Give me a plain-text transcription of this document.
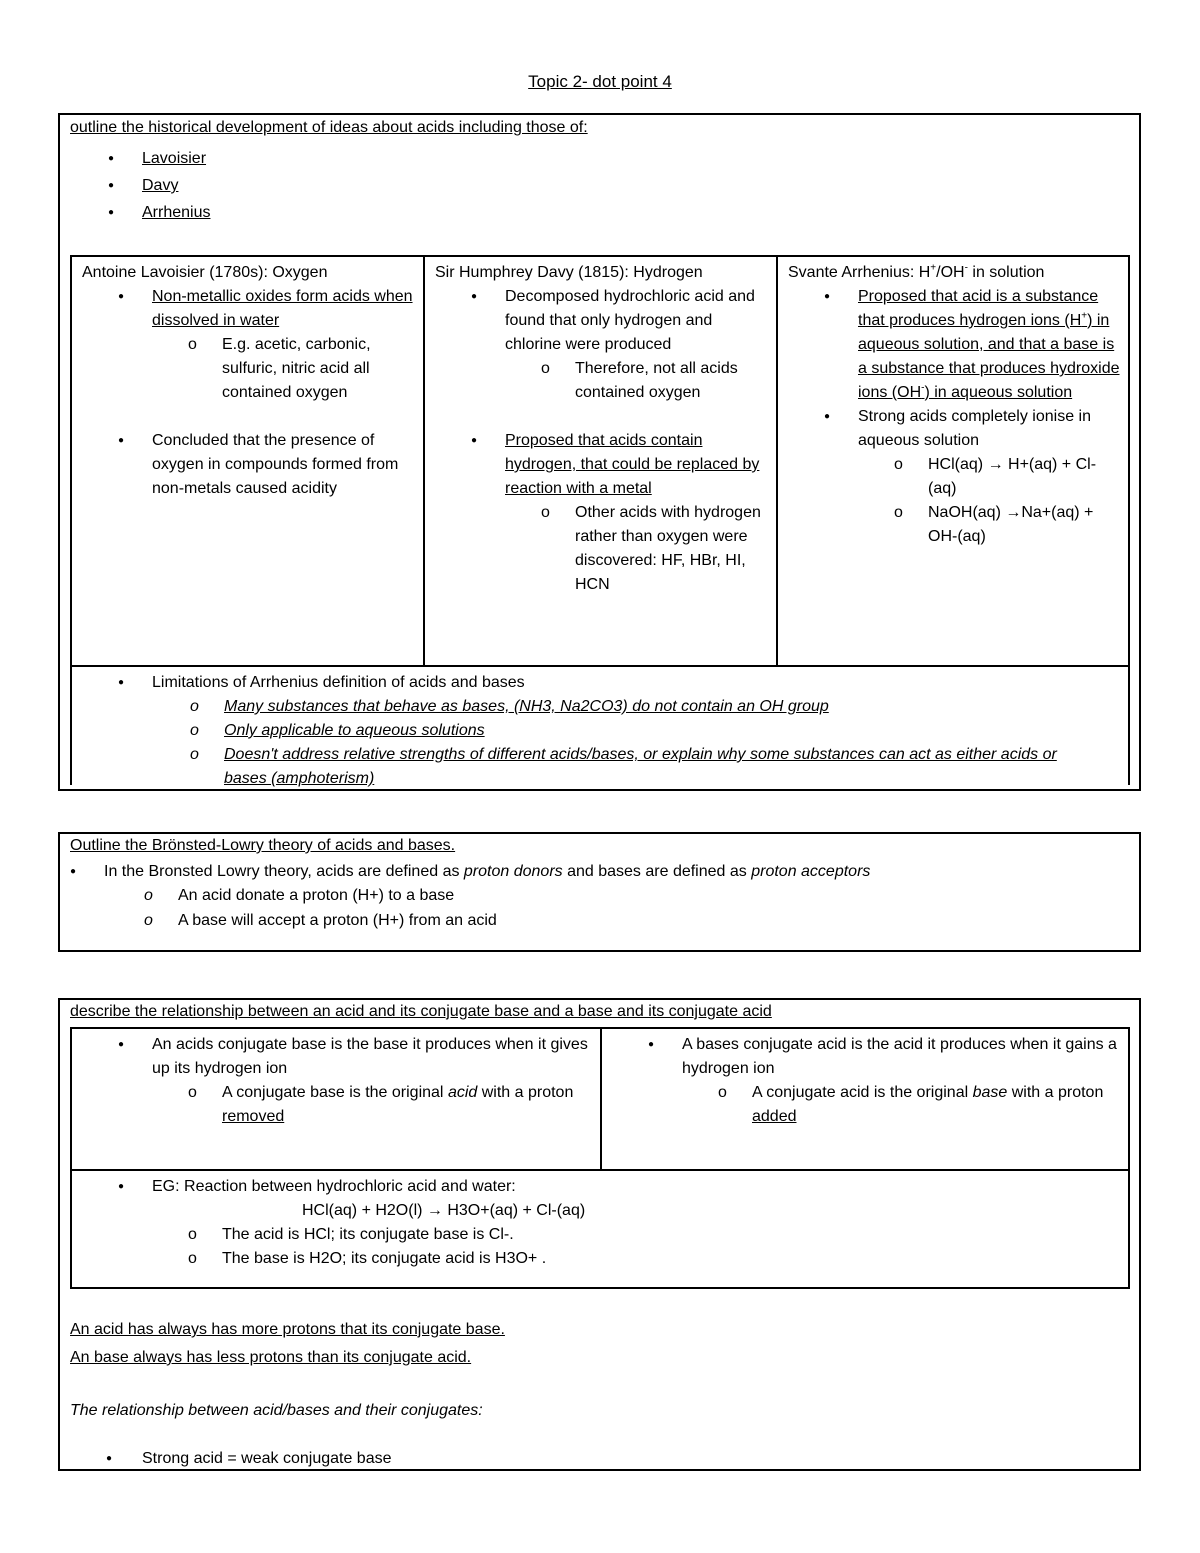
Topic 2- dot point 4
outline the historical development of ideas about acids including those of:
● Lavoisier
● Davy
● Arrhenius
Antoine Lavoisier (1780s): Oxygen
● Non-metallic oxides form acids when dissolved in water
o E.g. acetic, carbonic, sulfuric, nitric acid all contained oxygen
● Concluded that the presence of oxygen in compounds formed from non-metals caused acidity
Sir Humphrey Davy (1815): Hydrogen
● Decomposed hydrochloric acid and found that only hydrogen and chlorine were produced
o Therefore, not all acids contained oxygen
● Proposed that acids contain hydrogen, that could be replaced by reaction with a metal
o Other acids with hydrogen rather than oxygen were discovered: HF, HBr, HI, HCN
Svante Arrhenius: H+/OH- in solution
● Proposed that acid is a substance that produces hydrogen ions (H+) in aqueous solution, and that a base is a substance that produces hydroxide ions (OH-) in aqueous solution
● Strong acids completely ionise in aqueous solution
o HCl(aq) → H+(aq) + Cl-(aq)
o NaOH(aq) →Na+(aq) + OH-(aq)
● Limitations of Arrhenius definition of acids and bases
o Many substances that behave as bases, (NH3, Na2CO3) do not contain an OH group
o Only applicable to aqueous solutions
o Doesn't address relative strengths of different acids/bases, or explain why some substances can act as either acids or bases (amphoterism)
Outline the Brönsted-Lowry theory of acids and bases.
● In the Bronsted Lowry theory, acids are defined as proton donors and bases are defined as proton acceptors
o An acid donate a proton (H+) to a base
o A base will accept a proton (H+) from an acid
describe the relationship between an acid and its conjugate base and a base and its conjugate acid
● An acids conjugate base is the base it produces when it gives up its hydrogen ion
o A conjugate base is the original acid with a proton removed
● A bases conjugate acid is the acid it produces when it gains a hydrogen ion
o A conjugate acid is the original base with a proton added
● EG: Reaction between hydrochloric acid and water:
HCl(aq) + H2O(l) → H3O+(aq) + Cl-(aq)
o The acid is HCl; its conjugate base is Cl-.
o The base is H2O; its conjugate acid is H3O+ .
An acid has always has more protons that its conjugate base.
An base always has less protons than its conjugate acid.
The relationship between acid/bases and their conjugates:
● Strong acid = weak conjugate base
